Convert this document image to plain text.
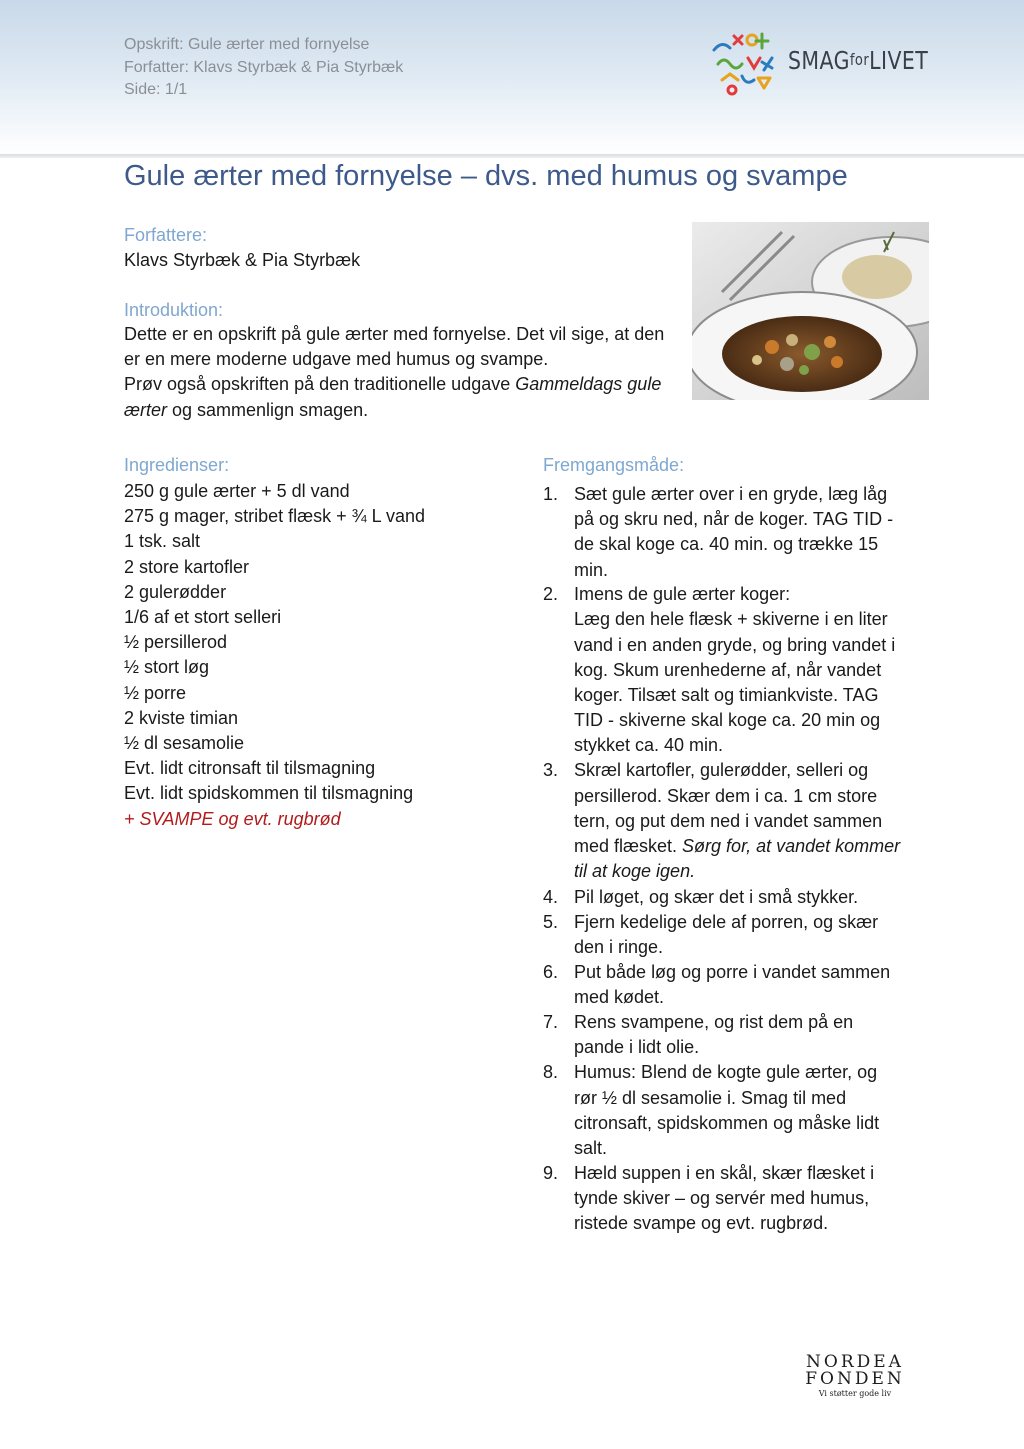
Opskrift: Gule ærter med fornyelse
Forfatter: Klavs Styrbæk & Pia Styrbæk
Side: 1/1
SMAGforLIVET
Gule ærter med fornyelse – dvs. med humus og svampe
Forfattere:
Klavs Styrbæk & Pia Styrbæk
Introduktion:
Dette er en opskrift på gule ærter med fornyelse. Det vil sige, at den
er en mere moderne udgave med humus og svampe.
Prøv også opskriften på den traditionelle udgave Gammeldags gule
ærter og sammenlign smagen.
Ingredienser:
250 g gule ærter + 5 dl vand
275 g mager, stribet flæsk + ¾ L vand
1 tsk. salt
2 store kartofler
2 gulerødder
1/6 af et stort selleri
½ persillerod
½ stort løg
½ porre
2 kviste timian
½ dl sesamolie
Evt. lidt citronsaft til tilsmagning
Evt. lidt spidskommen til tilsmagning
+ SVAMPE og evt. rugbrød
Fremgangsmåde:
1. Sæt gule ærter over i en gryde, læg låg på og skru ned, når de koger. TAG TID - de skal koge ca. 40 min. og trække 15 min.
2. Imens de gule ærter koger:
Læg den hele flæsk + skiverne i en liter vand i en anden gryde, og bring vandet i kog. Skum urenhederne af, når vandet koger. Tilsæt salt og timiankviste. TAG TID - skiverne skal koge ca. 20 min og stykket ca. 40 min.
3. Skræl kartofler, gulerødder, selleri og persillerod. Skær dem i ca. 1 cm store tern, og put dem ned i vandet sammen med flæsket. Sørg for, at vandet kommer til at koge igen.
4. Pil løget, og skær det i små stykker.
5. Fjern kedelige dele af porren, og skær den i ringe.
6. Put både løg og porre i vandet sammen med kødet.
7. Rens svampene, og rist dem på en pande i lidt olie.
8. Humus: Blend de kogte gule ærter, og rør ½ dl sesamolie i. Smag til med citronsaft, spidskommen og måske lidt salt.
9. Hæld suppen i en skål, skær flæsket i tynde skiver – og servér med humus, ristede svampe og evt. rugbrød.
NORDEA
FONDEN
Vi støtter gode liv
